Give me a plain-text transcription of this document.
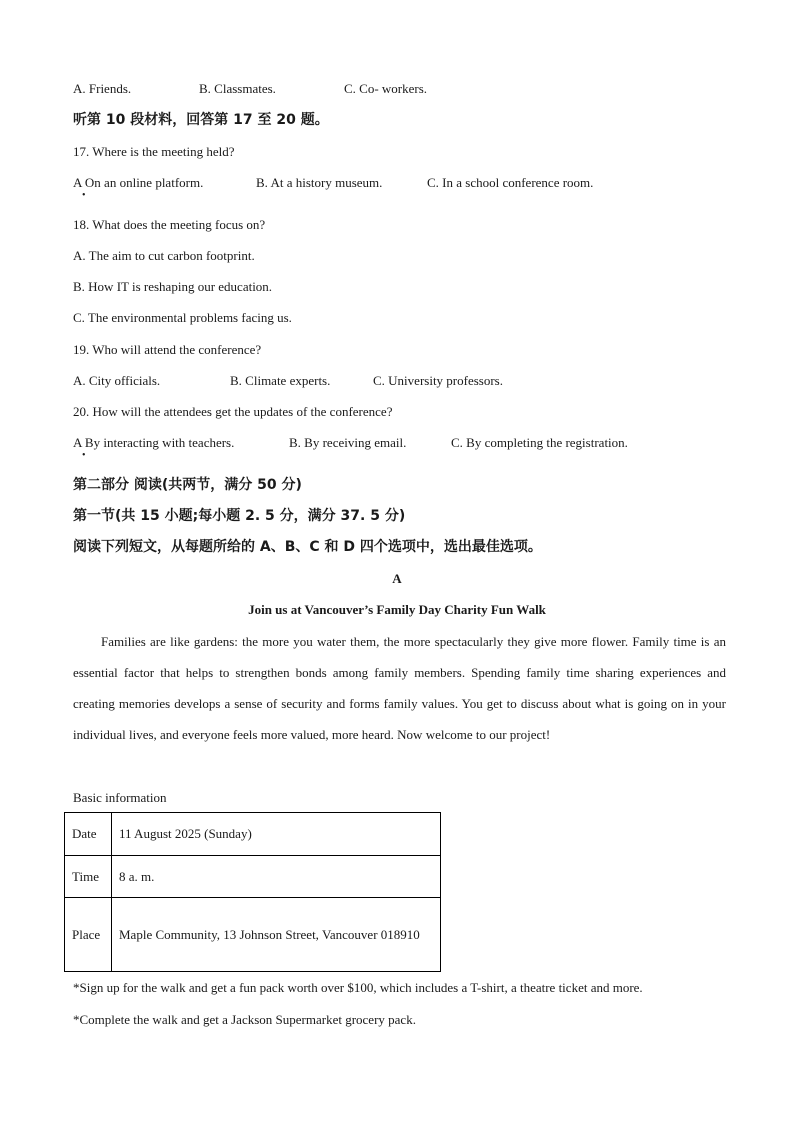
A. Friends.	B. Classmates.	C. Co- workers.
听第 10 段材料，回答第 17 至 20 题。
17. Where is the meeting held?
A On an online platform.
•
B. At a history museum.	C. In a school conference room.
18. What does the meeting focus on?
A. The aim to cut carbon footprint.
B. How IT is reshaping our education.
C. The environmental problems facing us.
19. Who will attend the conference?
A. City officials.	B. Climate experts.	C. University professors.
20. How will the attendees get the updates of the conference?
A By interacting with teachers.
•
B. By receiving email.	C. By completing the registration.
第二部分 阅读(共两节，满分 50 分)
第一节(共 15 小题;每小题 2. 5 分，满分 37. 5 分)
阅读下列短文，从每题所给的 A、B、C 和 D 四个选项中，选出最佳选项。
A
Join us at Vancouver’s Family Day Charity Fun Walk
Families are like gardens: the more you water them, the more spectacularly they give more flower. Family time is an essential factor that helps to strengthen bonds among family members. Spending family time sharing experiences and creating memories develops a sense of security and forms family values. You get to discuss about what is going on in your individual lives, and everyone feels more valued, more heard. Now welcome to our project!
Basic information
Date	11 August 2025 (Sunday)
Time	8 a. m.
Place	Maple Community, 13 Johnson Street, Vancouver 018910
*Sign up for the walk and get a fun pack worth over $100, which includes a T-shirt, a theatre ticket and more.
*Complete the walk and get a Jackson Supermarket grocery pack.
